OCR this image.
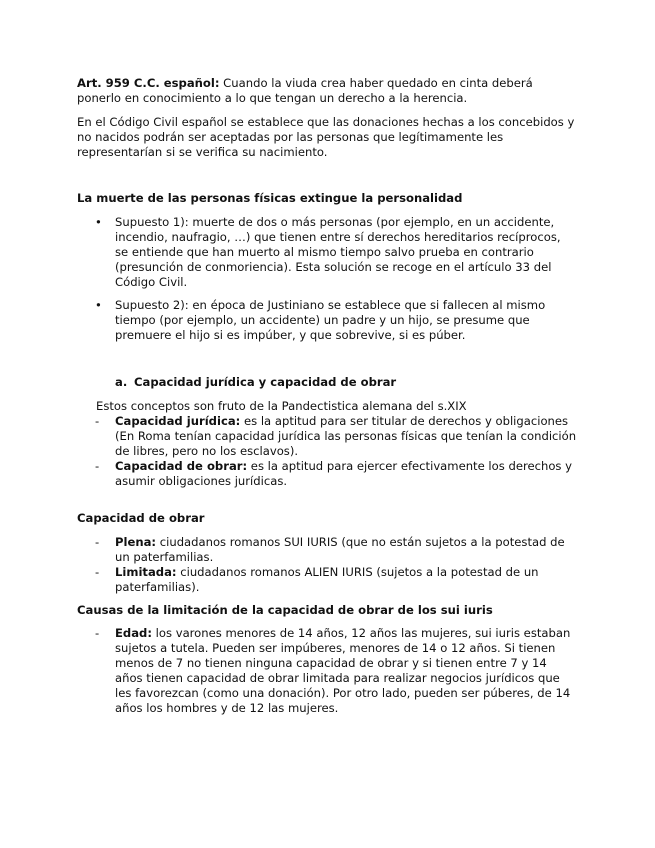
Art. 959 C.C. español: Cuando la viuda crea haber quedado en cinta deberá ponerlo en conocimiento a lo que tengan un derecho a la herencia.

En el Código Civil español se establece que las donaciones hechas a los concebidos y no nacidos podrán ser aceptadas por las personas que legítimamente les representarían si se verifica su nacimiento.

La muerte de las personas físicas extingue la personalidad

• Supuesto 1): muerte de dos o más personas (por ejemplo, en un accidente, incendio, naufragio, …) que tienen entre sí derechos hereditarios recíprocos, se entiende que han muerto al mismo tiempo salvo prueba en contrario (presunción de conmoriencia). Esta solución se recoge en el artículo 33 del Código Civil.
• Supuesto 2): en época de Justiniano se establece que si fallecen al mismo tiempo (por ejemplo, un accidente) un padre y un hijo, se presume que premuere el hijo si es impúber, y que sobrevive, si es púber.

a. Capacidad jurídica y capacidad de obrar

Estos conceptos son fruto de la Pandectistica alemana del s.XIX

- Capacidad jurídica: es la aptitud para ser titular de derechos y obligaciones (En Roma tenían capacidad jurídica las personas físicas que tenían la condición de libres, pero no los esclavos).
- Capacidad de obrar: es la aptitud para ejercer efectivamente los derechos y asumir obligaciones jurídicas.

Capacidad de obrar

- Plena: ciudadanos romanos SUI IURIS (que no están sujetos a la potestad de un paterfamilias.
- Limitada: ciudadanos romanos ALIEN IURIS (sujetos a la potestad de un paterfamilias).

Causas de la limitación de la capacidad de obrar de los sui iuris

- Edad: los varones menores de 14 años, 12 años las mujeres, sui iuris estaban sujetos a tutela. Pueden ser impúberes, menores de 14 o 12 años. Si tienen menos de 7 no tienen ninguna capacidad de obrar y si tienen entre 7 y 14 años tienen capacidad de obrar limitada para realizar negocios jurídicos que les favorezcan (como una donación). Por otro lado, pueden ser púberes, de 14 años los hombres y de 12 las mujeres.
